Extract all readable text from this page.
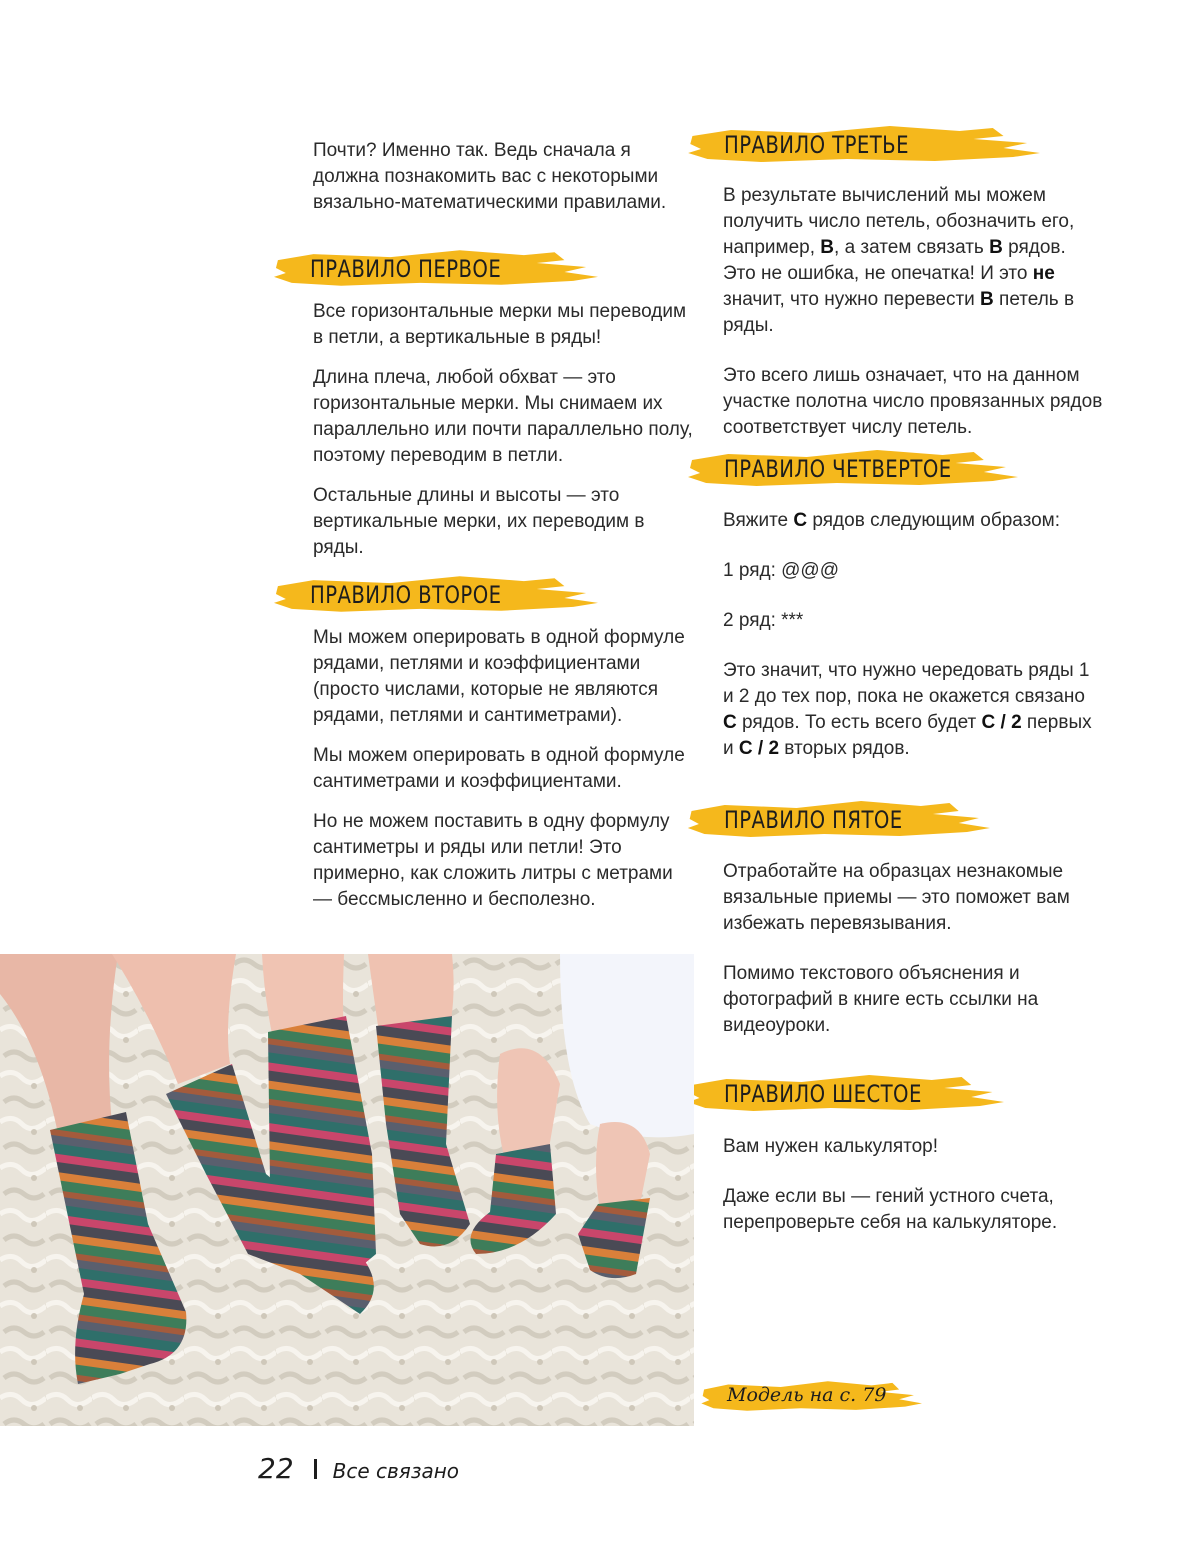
Почти? Именно так. Ведь сначала я должна познакомить вас с некоторыми вязально-математическими правилами.

ПРАВИЛО ПЕРВОЕ

Все горизонтальные мерки мы переводим в петли, а вертикальные в ряды!

Длина плеча, любой обхват — это горизонтальные мерки. Мы снимаем их параллельно или почти параллельно полу, поэтому переводим в петли.

Остальные длины и высоты — это вертикальные мерки, их переводим в ряды.

ПРАВИЛО ВТОРОЕ

Мы можем оперировать в одной формуле рядами, петлями и коэффициентами (просто числами, которые не являются рядами, петлями и сантиметрами).

Мы можем оперировать в одной формуле сантиметрами и коэффициентами.

Но не можем поставить в одну формулу сантиметры и ряды или петли! Это примерно, как сложить литры с метрами — бессмысленно и бесполезно.

ПРАВИЛО ТРЕТЬЕ

В результате вычислений мы можем получить число петель, обозначить его, например, В, а затем связать В рядов. Это не ошибка, не опечатка! И это не значит, что нужно перевести В петель в ряды.

Это всего лишь означает, что на данном участке полотна число провязанных рядов соответствует числу петель.

ПРАВИЛО ЧЕТВЕРТОЕ

Вяжите С рядов следующим образом:

1 ряд: @@@

2 ряд: ***

Это значит, что нужно чередовать ряды 1 и 2 до тех пор, пока не окажется связано С рядов. То есть всего будет С / 2 первых и С / 2 вторых рядов.

ПРАВИЛО ПЯТОЕ

Отработайте на образцах незнакомые вязальные приемы — это поможет вам избежать перевязывания.

Помимо текстового объяснения и фотографий в книге есть ссылки на видеоуроки.

ПРАВИЛО ШЕСТОЕ

Вам нужен калькулятор!

Даже если вы — гений устного счета, перепроверьте себя на калькуляторе.

Модель на с. 79
22 Все связано
